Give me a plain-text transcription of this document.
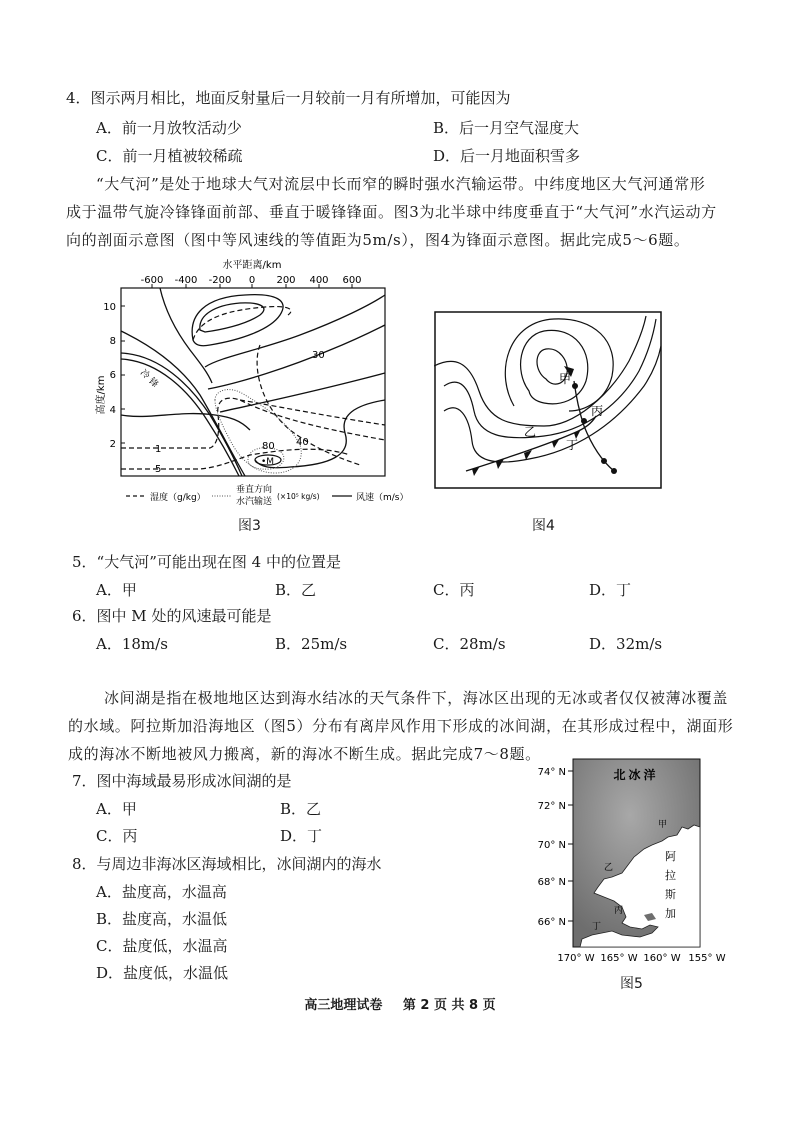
4．图示两月相比，地面反射量后一月较前一月有所增加，可能因为
A．前一月放牧活动少	B．后一月空气湿度大
C．前一月植被较稀疏	D．后一月地面积雪多
“大气河”是处于地球大气对流层中长而窄的瞬时强水汽输运带。中纬度地区大气河通常形
成于温带气旋冷锋锋面前部、垂直于暖锋锋面。图3为北半球中纬度垂直于“大气河”水汽运动方
向的剖面示意图（图中等风速线的等值距为5m/s），图4为锋面示意图。据此完成5～6题。
水平距离/km
-600 -400 -200 0 200 400 600
高度/km
10
8
6
4
2
30
1
5
•M
80 40
冷 锋
湿度（g/kg）
垂直方向
水汽输送
(×10⁵ kg/s)	风速（m/s）
图3
甲
乙
丙
丁
图4
5．“大气河”可能出现在图 4 中的位置是
A．甲	B．乙	C．丙	D．丁
6．图中 M 处的风速最可能是
A．18m/s	B．25m/s	C．28m/s	D．32m/s
冰间湖是指在极地地区达到海水结冰的天气条件下，海冰区出现的无冰或者仅仅被薄冰覆盖
的水域。阿拉斯加沿海地区（图5）分布有离岸风作用下形成的冰间湖，在其形成过程中，湖面形
成的海冰不断地被风力搬离，新的海冰不断生成。据此完成7～8题。
7．图中海域最易形成冰间湖的是
A．甲	B．乙
C．丙	D．丁
8．与周边非海冰区海域相比，冰间湖内的海水
A．盐度高，水温高
B．盐度高，水温低
C．盐度低，水温高
D．盐度低，水温低
北冰洋
阿
拉
斯
加
甲
乙
丙
丁
74° N
72° N
70° N
68° N
66° N
170° W 165° W 160° W 155° W
图5
高三地理试卷 第 2 页 共 8 页
